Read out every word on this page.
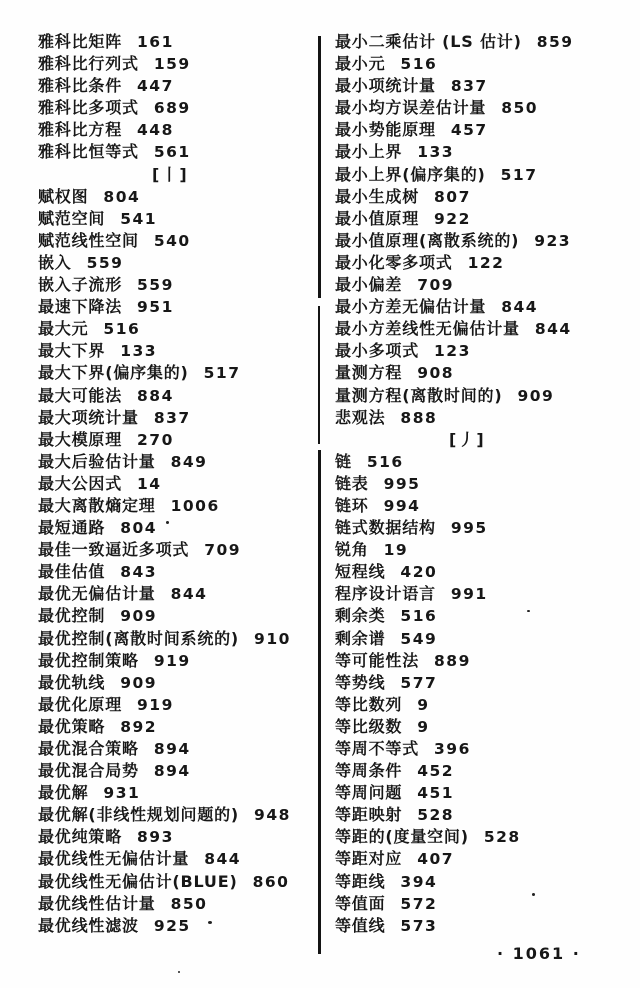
雅科比矩阵 161
雅科比行列式 159
雅科比条件 447
雅科比多项式 689
雅科比方程 448
雅科比恒等式 561
[丨]
赋权图 804
赋范空间 541
赋范线性空间 540
嵌入 559
嵌入子流形 559
最速下降法 951
最大元 516
最大下界 133
最大下界(偏序集的) 517
最大可能法 884
最大项统计量 837
最大模原理 270
最大后验估计量 849
最大公因式 14
最大离散熵定理 1006
最短通路 804
最佳一致逼近多项式 709
最佳估值 843
最优无偏估计量 844
最优控制 909
最优控制(离散时间系统的) 910
最优控制策略 919
最优轨线 909
最优化原理 919
最优策略 892
最优混合策略 894
最优混合局势 894
最优解 931
最优解(非线性规划问题的) 948
最优纯策略 893
最优线性无偏估计量 844
最优线性无偏估计(BLUE) 860
最优线性估计量 850
最优线性滤波 925
最小二乘估计 (LS 估计) 859
最小元 516
最小项统计量 837
最小均方误差估计量 850
最小势能原理 457
最小上界 133
最小上界(偏序集的) 517
最小生成树 807
最小值原理 922
最小值原理(离散系统的) 923
最小化零多项式 122
最小偏差 709
最小方差无偏估计量 844
最小方差线性无偏估计量 844
最小多项式 123
量测方程 908
量测方程(离散时间的) 909
悲观法 888
[丿]
链 516
链表 995
链环 994
链式数据结构 995
锐角 19
短程线 420
程序设计语言 991
剩余类 516
剩余谱 549
等可能性法 889
等势线 577
等比数列 9
等比级数 9
等周不等式 396
等周条件 452
等周问题 451
等距映射 528
等距的(度量空间) 528
等距对应 407
等距线 394
等值面 572
等值线 573
· 1061 ·
